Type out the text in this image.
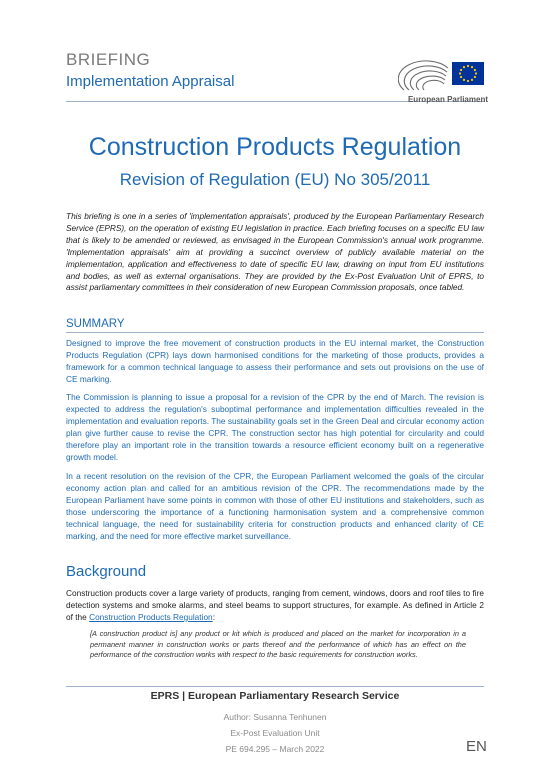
BRIEFING
Implementation Appraisal
European Parliament
Construction Products Regulation
Revision of Regulation (EU) No 305/2011

This briefing is one in a series of 'implementation appraisals', produced by the European Parliamentary Research Service (EPRS), on the operation of existing EU legislation in practice. Each briefing focuses on a specific EU law that is likely to be amended or reviewed, as envisaged in the European Commission's annual work programme. 'Implementation appraisals' aim at providing a succinct overview of publicly available material on the implementation, application and effectiveness to date of specific EU law, drawing on input from EU institutions and bodies, as well as external organisations. They are provided by the Ex-Post Evaluation Unit of EPRS, to assist parliamentary committees in their consideration of new European Commission proposals, once tabled.

SUMMARY

Designed to improve the free movement of construction products in the EU internal market, the Construction Products Regulation (CPR) lays down harmonised conditions for the marketing of those products, provides a framework for a common technical language to assess their performance and sets out provisions on the use of CE marking.

The Commission is planning to issue a proposal for a revision of the CPR by the end of March. The revision is expected to address the regulation's suboptimal performance and implementation difficulties revealed in the implementation and evaluation reports. The sustainability goals set in the Green Deal and circular economy action plan give further cause to revise the CPR. The construction sector has high potential for circularity and could therefore play an important role in the transition towards a resource efficient economy built on a regenerative growth model.

In a recent resolution on the revision of the CPR, the European Parliament welcomed the goals of the circular economy action plan and called for an ambitious revision of the CPR. The recommendations made by the European Parliament have some points in common with those of other EU institutions and stakeholders, such as those underscoring the importance of a functioning harmonisation system and a comprehensive common technical language, the need for sustainability criteria for construction products and enhanced clarity of CE marking, and the need for more effective market surveillance.

Background

Construction products cover a large variety of products, ranging from cement, windows, doors and roof tiles to fire detection systems and smoke alarms, and steel beams to support structures, for example. As defined in Article 2 of the Construction Products Regulation:

[A construction product is] any product or kit which is produced and placed on the market for incorporation in a permanent manner in construction works or parts thereof and the performance of which has an effect on the performance of the construction works with respect to the basic requirements for construction works.

EPRS | European Parliamentary Research Service
Author: Susanna Tenhunen
Ex-Post Evaluation Unit
PE 694.295 – March 2022	EN
